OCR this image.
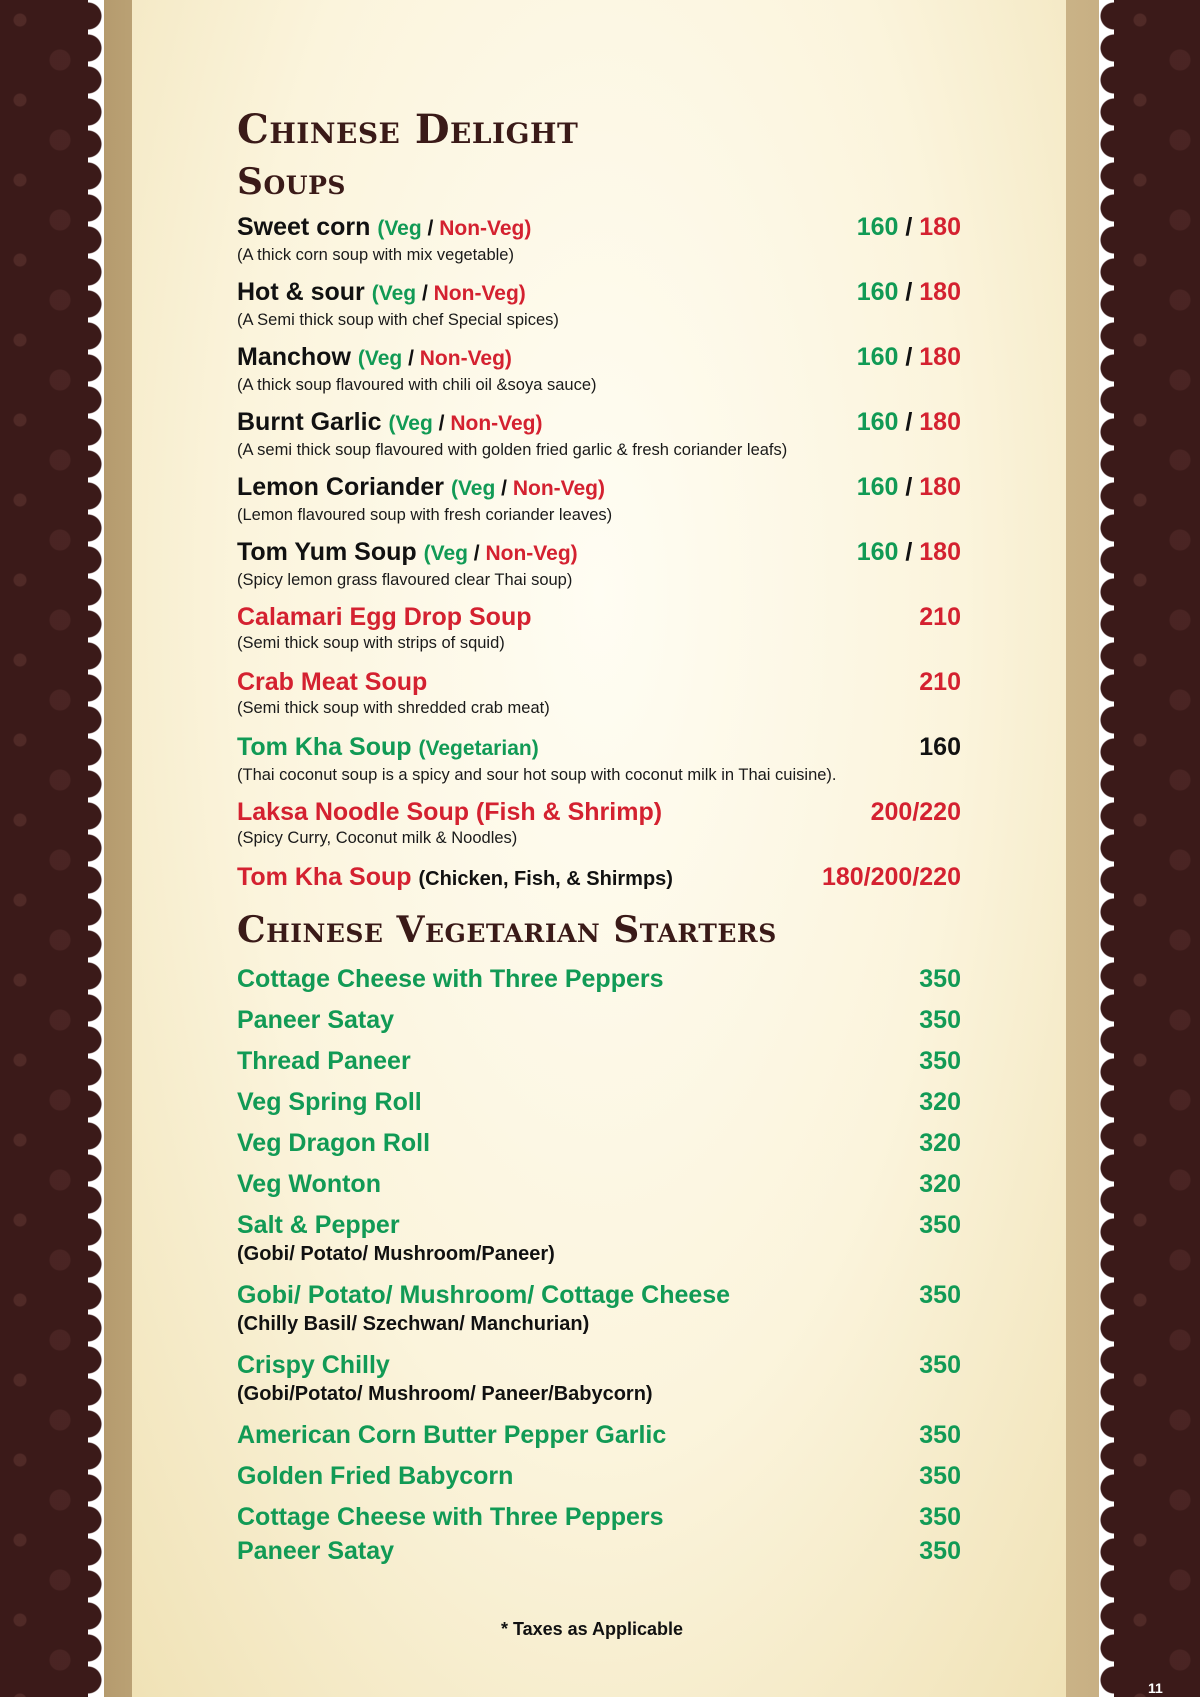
Chinese Delight
Soups
Sweet corn (Veg / Non-Veg)	160 / 180
(A thick corn soup with mix vegetable)
Hot & sour (Veg / Non-Veg)	160 / 180
(A Semi thick soup with chef Special spices)
Manchow (Veg / Non-Veg)	160 / 180
(A thick soup flavoured with chili oil &soya sauce)
Burnt Garlic (Veg / Non-Veg)	160 / 180
(A semi thick soup flavoured with golden fried garlic & fresh coriander leafs)
Lemon Coriander (Veg / Non-Veg)	160 / 180
(Lemon flavoured soup with fresh coriander leaves)
Tom Yum Soup (Veg / Non-Veg)	160 / 180
(Spicy lemon grass flavoured clear Thai soup)
Calamari Egg Drop Soup	210
(Semi thick soup with strips of squid)
Crab Meat Soup	210
(Semi thick soup with shredded crab meat)
Tom Kha Soup (Vegetarian)	160
(Thai coconut soup is a spicy and sour hot soup with coconut milk in Thai cuisine).
Laksa Noodle Soup (Fish & Shrimp)	200/220
(Spicy Curry, Coconut milk & Noodles)
Tom Kha Soup (Chicken, Fish, & Shirmps)	180/200/220
Chinese Vegetarian Starters
Cottage Cheese with Three Peppers	350
Paneer Satay	350
Thread Paneer	350
Veg Spring Roll	320
Veg Dragon Roll	320
Veg Wonton	320
Salt & Pepper	350
(Gobi/ Potato/ Mushroom/Paneer)
Gobi/ Potato/ Mushroom/ Cottage Cheese	350
(Chilly Basil/ Szechwan/ Manchurian)
Crispy Chilly	350
(Gobi/Potato/ Mushroom/ Paneer/Babycorn)
American Corn Butter Pepper Garlic	350
Golden Fried Babycorn	350
Cottage Cheese with Three Peppers	350
Paneer Satay	350
* Taxes as Applicable
11
